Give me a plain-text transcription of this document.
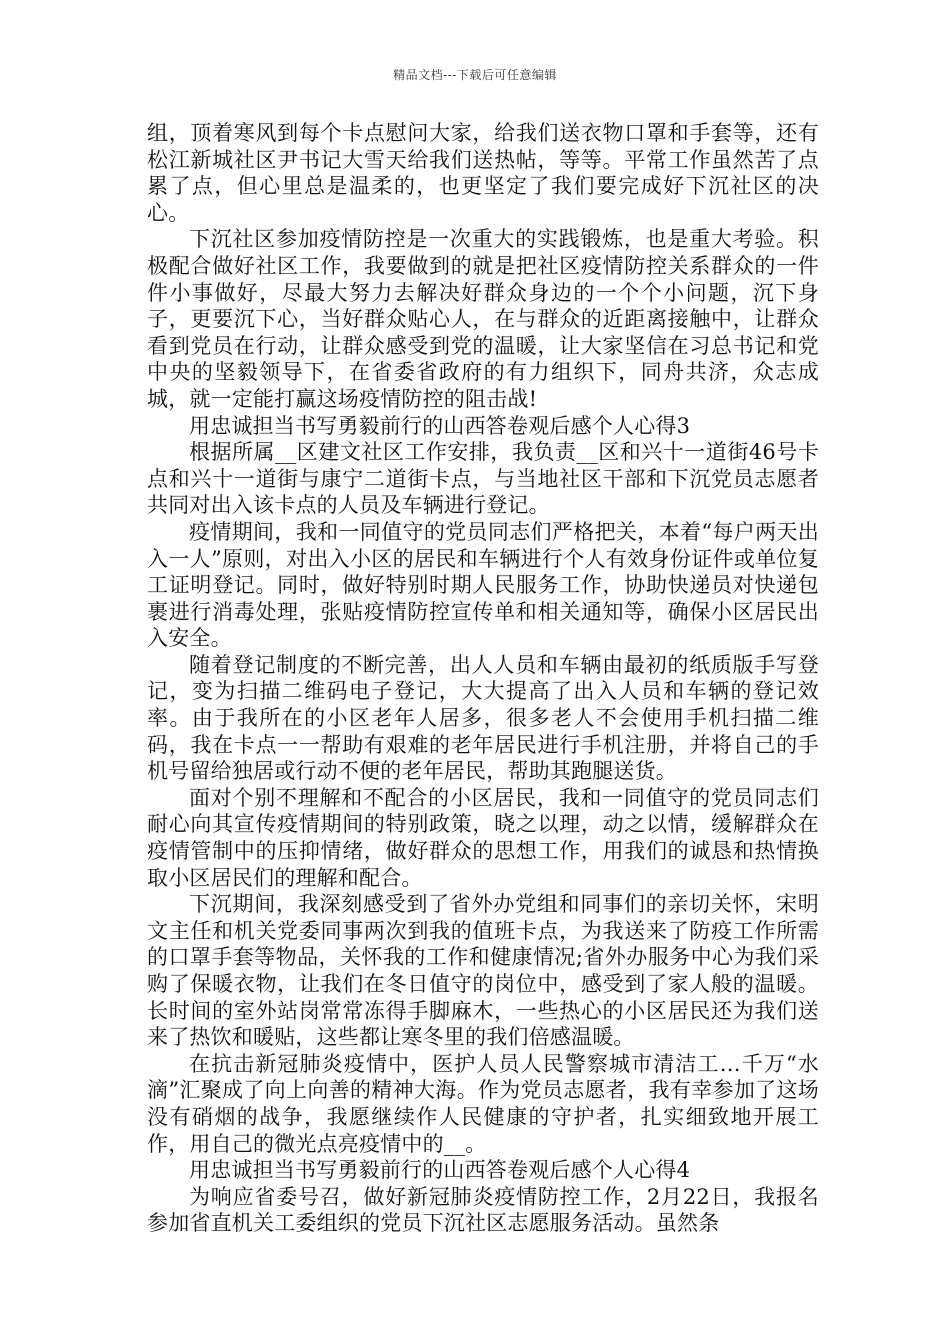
精品文档---下载后可任意编辑

组，顶着寒风到每个卡点慰问大家，给我们送衣物口罩和手套等，还有松江新城社区尹书记大雪天给我们送热帖，等等。平常工作虽然苦了点累了点，但心里总是温柔的，也更坚定了我们要完成好下沉社区的决心。

下沉社区参加疫情防控是一次重大的实践锻炼，也是重大考验。积极配合做好社区工作，我要做到的就是把社区疫情防控关系群众的一件件小事做好，尽最大努力去解决好群众身边的一个个小问题，沉下身子，更要沉下心，当好群众贴心人，在与群众的近距离接触中，让群众看到党员在行动，让群众感受到党的温暖，让大家坚信在习总书记和党中央的坚毅领导下，在省委省政府的有力组织下，同舟共济，众志成城，就一定能打赢这场疫情防控的阻击战!

用忠诚担当书写勇毅前行的山西答卷观后感个人心得3

根据所属__区建文社区工作安排，我负责__区和兴十一道街46号卡点和兴十一道街与康宁二道街卡点，与当地社区干部和下沉党员志愿者共同对出入该卡点的人员及车辆进行登记。

疫情期间，我和一同值守的党员同志们严格把关，本着“每户两天出入一人”原则，对出入小区的居民和车辆进行个人有效身份证件或单位复工证明登记。同时，做好特别时期人民服务工作，协助快递员对快递包裹进行消毒处理，张贴疫情防控宣传单和相关通知等，确保小区居民出入安全。

随着登记制度的不断完善，出人人员和车辆由最初的纸质版手写登记，变为扫描二维码电子登记，大大提高了出入人员和车辆的登记效率。由于我所在的小区老年人居多，很多老人不会使用手机扫描二维码，我在卡点一一帮助有艰难的老年居民进行手机注册，并将自己的手机号留给独居或行动不便的老年居民，帮助其跑腿送货。

面对个别不理解和不配合的小区居民，我和一同值守的党员同志们耐心向其宣传疫情期间的特别政策，晓之以理，动之以情，缓解群众在疫情管制中的压抑情绪，做好群众的思想工作，用我们的诚恳和热情换取小区居民们的理解和配合。

下沉期间，我深刻感受到了省外办党组和同事们的亲切关怀，宋明文主任和机关党委同事两次到我的值班卡点，为我送来了防疫工作所需的口罩手套等物品，关怀我的工作和健康情况;省外办服务中心为我们采购了保暖衣物，让我们在冬日值守的岗位中，感受到了家人般的温暖。长时间的室外站岗常常冻得手脚麻木，一些热心的小区居民还为我们送来了热饮和暖贴，这些都让寒冬里的我们倍感温暖。

在抗击新冠肺炎疫情中，医护人员人民警察城市清洁工…千万“水滴”汇聚成了向上向善的精神大海。作为党员志愿者，我有幸参加了这场没有硝烟的战争，我愿继续作人民健康的守护者，扎实细致地开展工作，用自己的微光点亮疫情中的__。

用忠诚担当书写勇毅前行的山西答卷观后感个人心得4

为响应省委号召，做好新冠肺炎疫情防控工作，2月22日，我报名参加省直机关工委组织的党员下沉社区志愿服务活动。虽然条
